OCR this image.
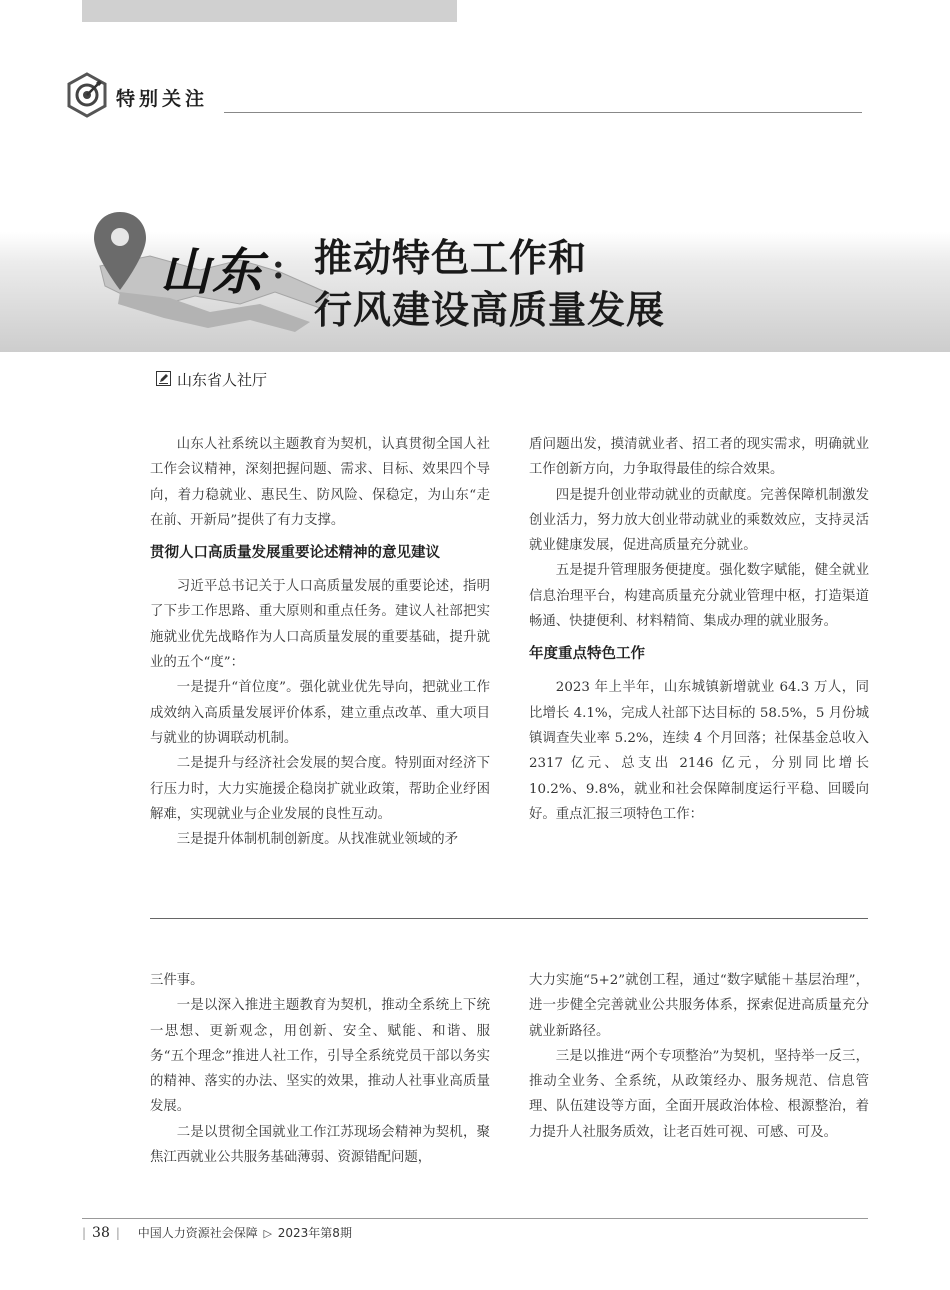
特别关注
山东 : 推动特色工作和
行风建设高质量发展
山东省人社厅

山东人社系统以主题教育为契机，认真贯彻全国人社工作会议精神，深刻把握问题、需求、目标、效果四个导向，着力稳就业、惠民生、防风险、保稳定，为山东“走在前、开新局”提供了有力支撑。

贯彻人口高质量发展重要论述精神的意见建议

习近平总书记关于人口高质量发展的重要论述，指明了下步工作思路、重大原则和重点任务。建议人社部把实施就业优先战略作为人口高质量发展的重要基础，提升就业的五个“度”：

一是提升“首位度”。强化就业优先导向，把就业工作成效纳入高质量发展评价体系，建立重点改革、重大项目与就业的协调联动机制。

二是提升与经济社会发展的契合度。特别面对经济下行压力时，大力实施援企稳岗扩就业政策，帮助企业纾困解难，实现就业与企业发展的良性互动。

三是提升体制机制创新度。从找准就业领域的矛

盾问题出发，摸清就业者、招工者的现实需求，明确就业工作创新方向，力争取得最佳的综合效果。

四是提升创业带动就业的贡献度。完善保障机制激发创业活力，努力放大创业带动就业的乘数效应，支持灵活就业健康发展，促进高质量充分就业。

五是提升管理服务便捷度。强化数字赋能，健全就业信息治理平台，构建高质量充分就业管理中枢，打造渠道畅通、快捷便利、材料精简、集成办理的就业服务。

年度重点特色工作

2023 年上半年，山东城镇新增就业 64.3 万人，同比增长 4.1%，完成人社部下达目标的 58.5%，5 月份城镇调查失业率 5.2%，连续 4 个月回落；社保基金总收入 2317 亿元、总支出 2146 亿元，分别同比增长 10.2%、9.8%，就业和社会保障制度运行平稳、回暖向好。重点汇报三项特色工作：

三件事。

一是以深入推进主题教育为契机，推动全系统上下统一思想、更新观念，用创新、安全、赋能、和谐、服务“五个理念”推进人社工作，引导全系统党员干部以务实的精神、落实的办法、坚实的效果，推动人社事业高质量发展。

二是以贯彻全国就业工作江苏现场会精神为契机，聚焦江西就业公共服务基础薄弱、资源错配问题，

大力实施“5+2”就创工程，通过“数字赋能＋基层治理”，进一步健全完善就业公共服务体系，探索促进高质量充分就业新路径。

三是以推进“两个专项整治”为契机，坚持举一反三，推动全业务、全系统，从政策经办、服务规范、信息管理、队伍建设等方面，全面开展政治体检、根源整治，着力提升人社服务质效，让老百姓可视、可感、可及。

| 38 | 中国人力资源社会保障 ▷ 2023年第8期
